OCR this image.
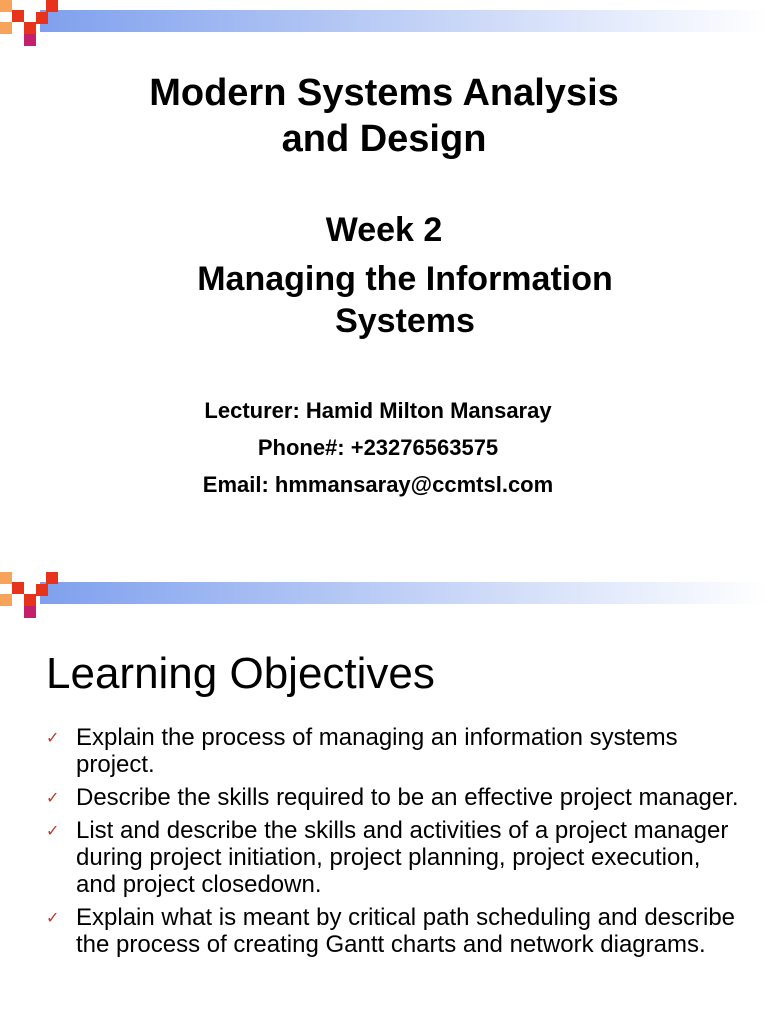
Modern Systems Analysis
and Design
Week 2
Managing the Information
Systems
Lecturer: Hamid Milton Mansaray
Phone#: +23276563575
Email: hmmansaray@ccmtsl.com
Learning Objectives
✓ Explain the process of managing an information systems project.
✓ Describe the skills required to be an effective project manager.
✓ List and describe the skills and activities of a project manager during project initiation, project planning, project execution, and project closedown.
✓ Explain what is meant by critical path scheduling and describe the process of creating Gantt charts and network diagrams.
